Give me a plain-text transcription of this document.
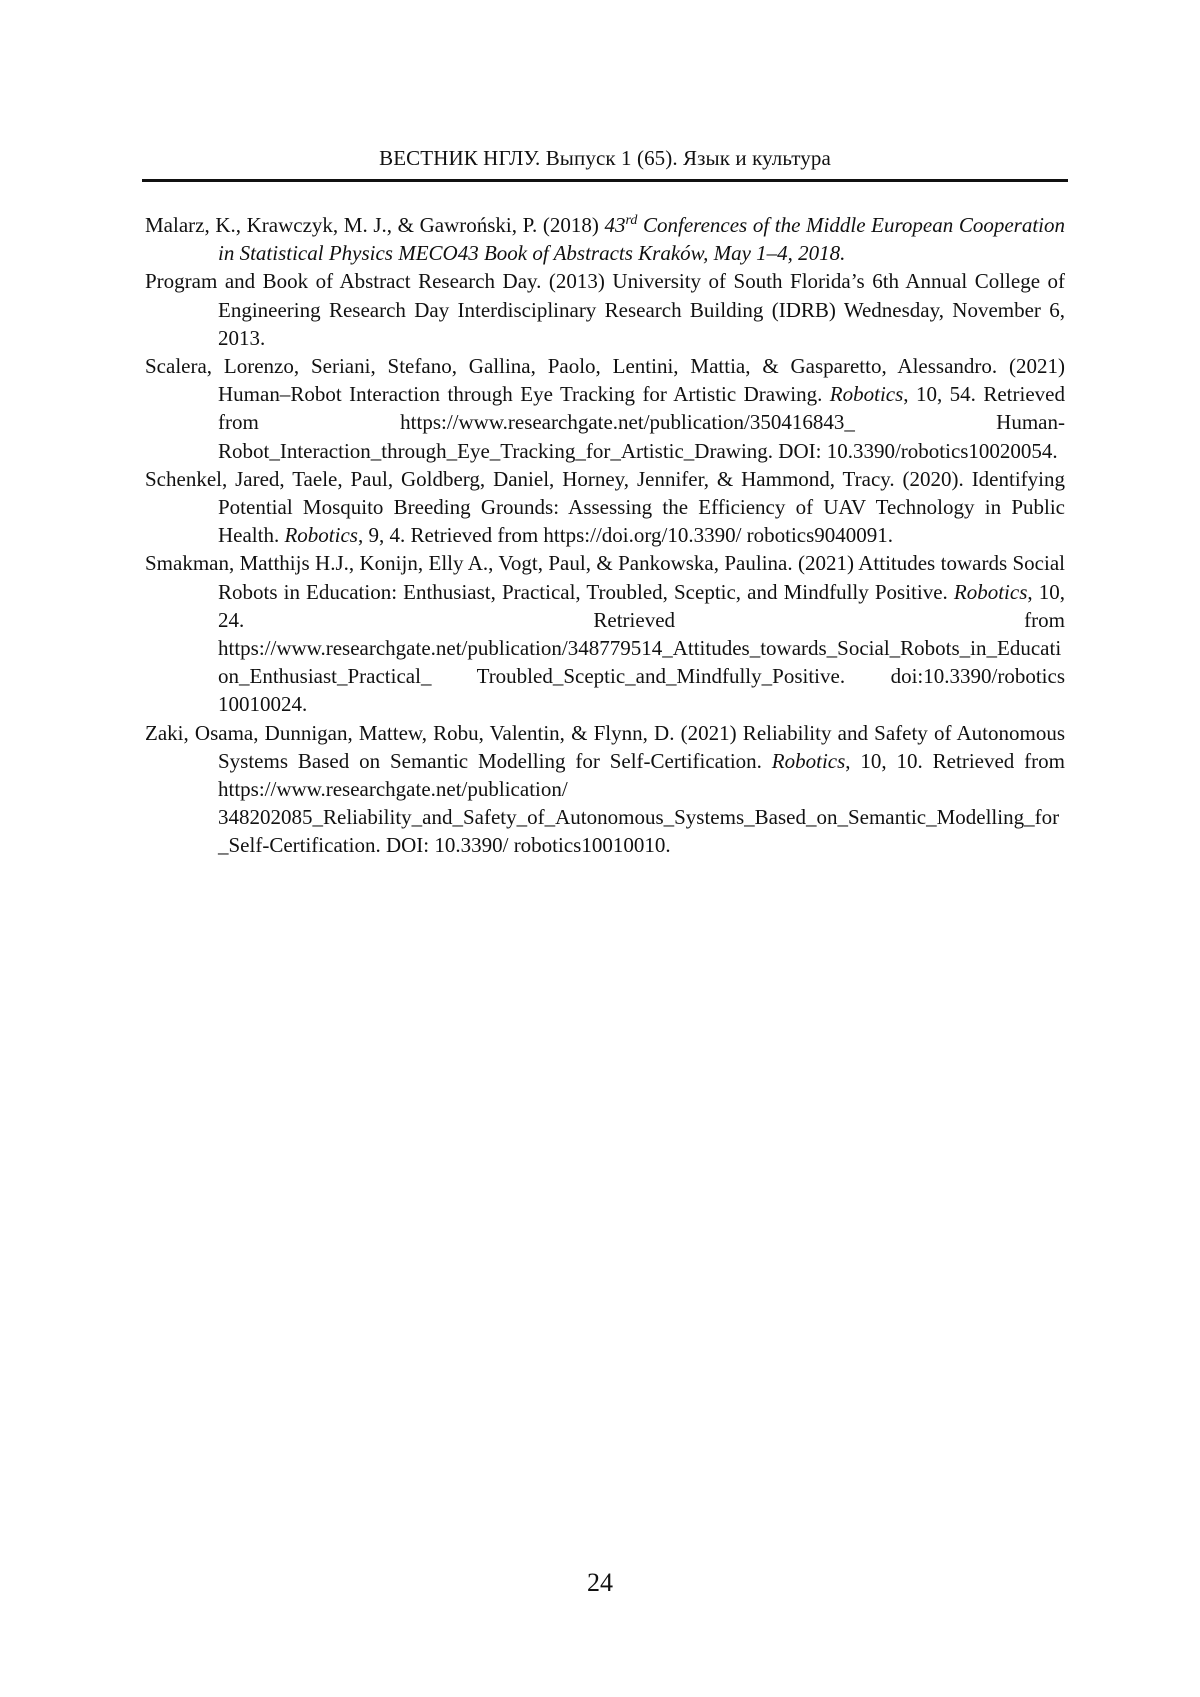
ВЕСТНИК НГЛУ. Выпуск 1 (65). Язык и культура

Malarz, K., Krawczyk, M. J., & Gawroński, P. (2018) 43rd Conferences of the Middle European Cooperation in Statistical Physics MECO43 Book of Abstracts Kraków, May 1–4, 2018.

Program and Book of Abstract Research Day. (2013) University of South Florida’s 6th Annual College of Engineering Research Day Interdisciplinary Research Building (IDRB) Wednesday, November 6, 2013.

Scalera, Lorenzo, Seriani, Stefano, Gallina, Paolo, Lentini, Mattia, & Gasparetto, Alessandro. (2021) Human–Robot Interaction through Eye Tracking for Artistic Drawing. Robotics, 10, 54. Retrieved from https://www.researchgate.net/publication/350416843_ Human-Robot_Interaction_through_Eye_Tracking_for_Artistic_Drawing. DOI: 10.3390/robotics10020054.

Schenkel, Jared, Taele, Paul, Goldberg, Daniel, Horney, Jennifer, & Hammond, Tracy. (2020). Identifying Potential Mosquito Breeding Grounds: Assessing the Efficiency of UAV Technology in Public Health. Robotics, 9, 4. Retrieved from https://doi.org/10.3390/ robotics9040091.

Smakman, Matthijs H.J., Konijn, Elly A., Vogt, Paul, & Pankowska, Paulina. (2021) Attitudes towards Social Robots in Education: Enthusiast, Practical, Troubled, Sceptic, and Mindfully Positive. Robotics, 10, 24. Retrieved from https://www.researchgate.net/publication/348779514_Attitudes_towards_Social_Robots_in_Education_Enthusiast_Practical_ Troubled_Sceptic_and_Mindfully_Positive. doi:10.3390/robotics 10010024.

Zaki, Osama, Dunnigan, Mattew, Robu, Valentin, & Flynn, D. (2021) Reliability and Safety of Autonomous Systems Based on Semantic Modelling for Self-Certification. Robotics, 10, 10. Retrieved from https://www.researchgate.net/publication/ 348202085_Reliability_and_Safety_of_Autonomous_Systems_Based_on_Semantic_Modelling_for_Self-Certification. DOI: 10.3390/ robotics10010010.

24
